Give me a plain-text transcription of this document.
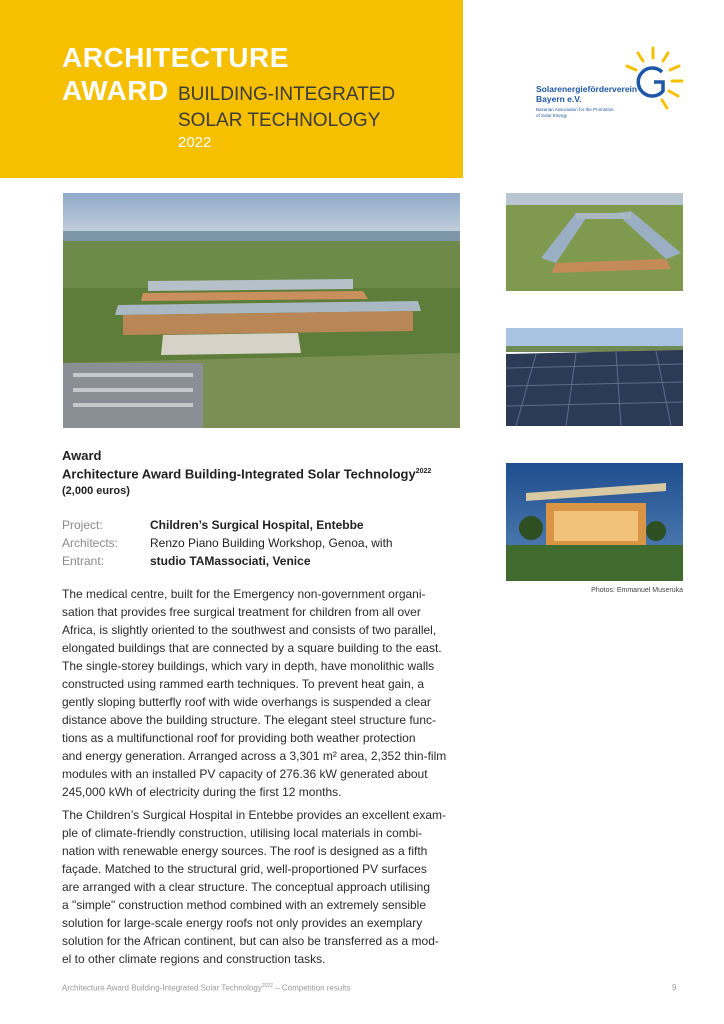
ARCHITECTURE
AWARD BUILDING-INTEGRATED
SOLAR TECHNOLOGY
2022
Solarenergieförderverein
Bayern e.V.
Bavarian Association for the Promotion of Solar Energy
Photos: Emmanuel Museruka
Award
Architecture Award Building-Integrated Solar Technology$^{2022}$
(2,000 euros)
Project:	Children’s Surgical Hospital, Entebbe
Architects:	Renzo Piano Building Workshop, Genoa, with
Entrant:	studio TAMassociati, Venice
The medical centre, built for the Emergency non-government organi-
sation that provides free surgical treatment for children from all over
Africa, is slightly oriented to the southwest and consists of two parallel,
elongated buildings that are connected by a square building to the east.
The single-storey buildings, which vary in depth, have monolithic walls
constructed using rammed earth techniques. To prevent heat gain, a
gently sloping butterfly roof with wide overhangs is suspended a clear
distance above the building structure. The elegant steel structure func-
tions as a multifunctional roof for providing both weather protection
and energy generation. Arranged across a 3,301 m² area, 2,352 thin-film
modules with an installed PV capacity of 276.36 kW generated about
245,000 kWh of electricity during the first 12 months.
The Children’s Surgical Hospital in Entebbe provides an excellent exam-
ple of climate-friendly construction, utilising local materials in combi-
nation with renewable energy sources. The roof is designed as a fifth
façade. Matched to the structural grid, well-proportioned PV surfaces
are arranged with a clear structure. The conceptual approach utilising
a "simple" construction method combined with an extremely sensible
solution for large-scale energy roofs not only provides an exemplary
solution for the African continent, but can also be transferred as a mod-
el to other climate regions and construction tasks.
Architecture Award Building-Integrated Solar Technology$^{2022}$ – Competition results	9
